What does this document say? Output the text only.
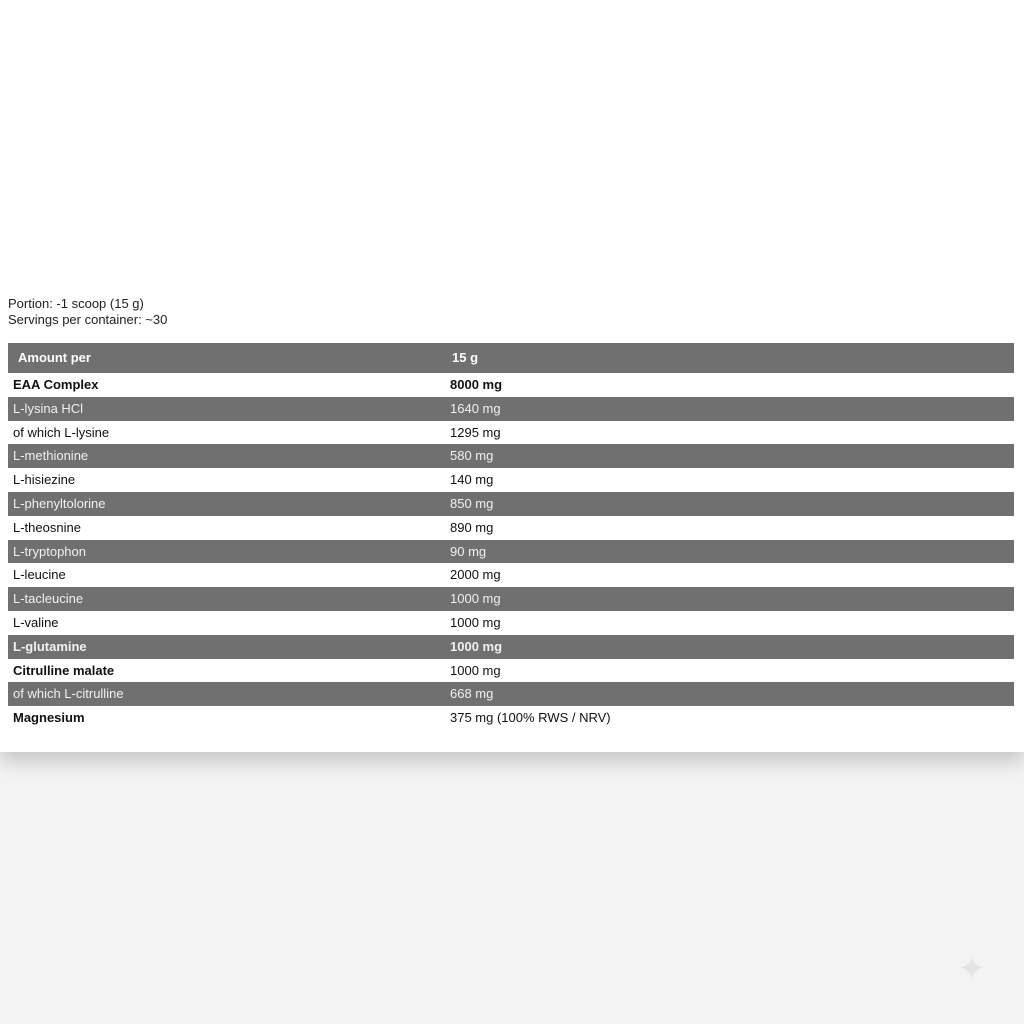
Portion: -1 scoop (15 g)
Servings per container: ~30
Amount per	15 g
EAA Complex	8000 mg
L-lysina HCl	1640 mg
of which L-lysine	1295 mg
L-methionine	580 mg
L-hisiezine	140 mg
L-phenyltolorine	850 mg
L-theosnine	890 mg
L-tryptophon	90 mg
L-leucine	2000 mg
L-tacleucine	1000 mg
L-valine	1000 mg
L-glutamine	1000 mg
Citrulline malate	1000 mg
of which L-citrulline	668 mg
Magnesium	375 mg (100% RWS / NRV)
✦
